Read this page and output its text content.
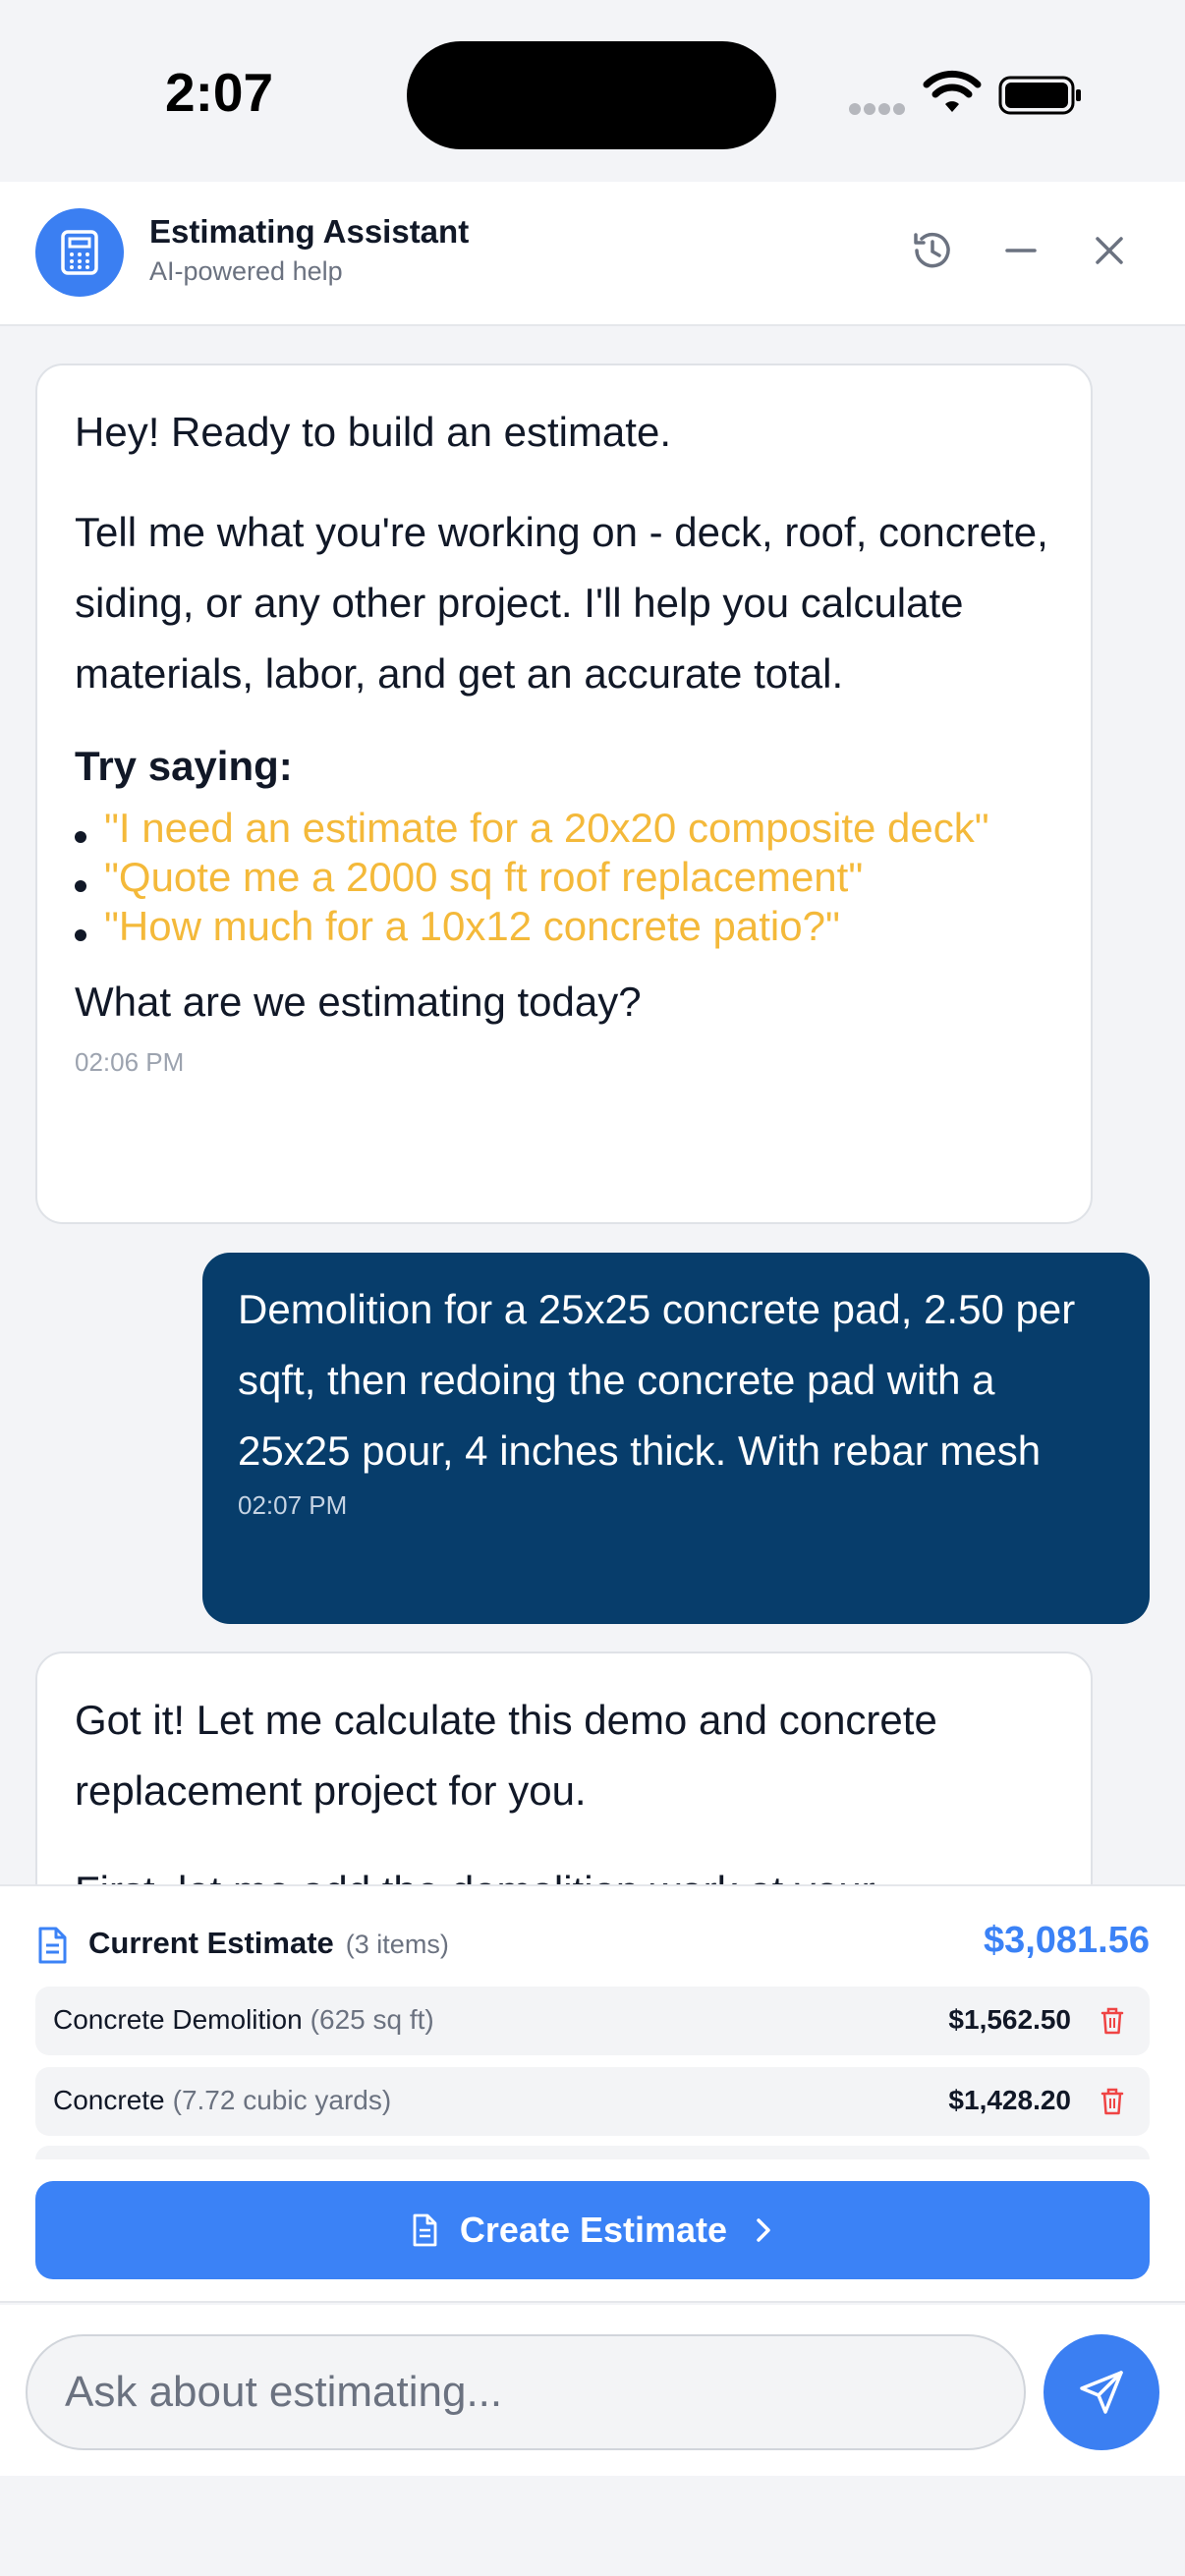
2:07
Estimating Assistant
AI-powered help

Hey! Ready to build an estimate.

Tell me what you're working on - deck, roof, concrete, siding, or any other project. I'll help you calculate materials, labor, and get an accurate total.

Try saying:
"I need an estimate for a 20x20 composite deck"
"Quote me a 2000 sq ft roof replacement"
"How much for a 10x12 concrete patio?"

What are we estimating today?

02:06 PM

Demolition for a 25x25 concrete pad, 2.50 per sqft, then redoing the concrete pad with a 25x25 pour, 4 inches thick. With rebar mesh

02:07 PM

Got it! Let me calculate this demo and concrete replacement project for you.

Current Estimate (3 items)	$3,081.56
Concrete Demolition (625 sq ft)	$1,562.50
Concrete (7.72 cubic yards)	$1,428.20
Create Estimate
Ask about estimating...
